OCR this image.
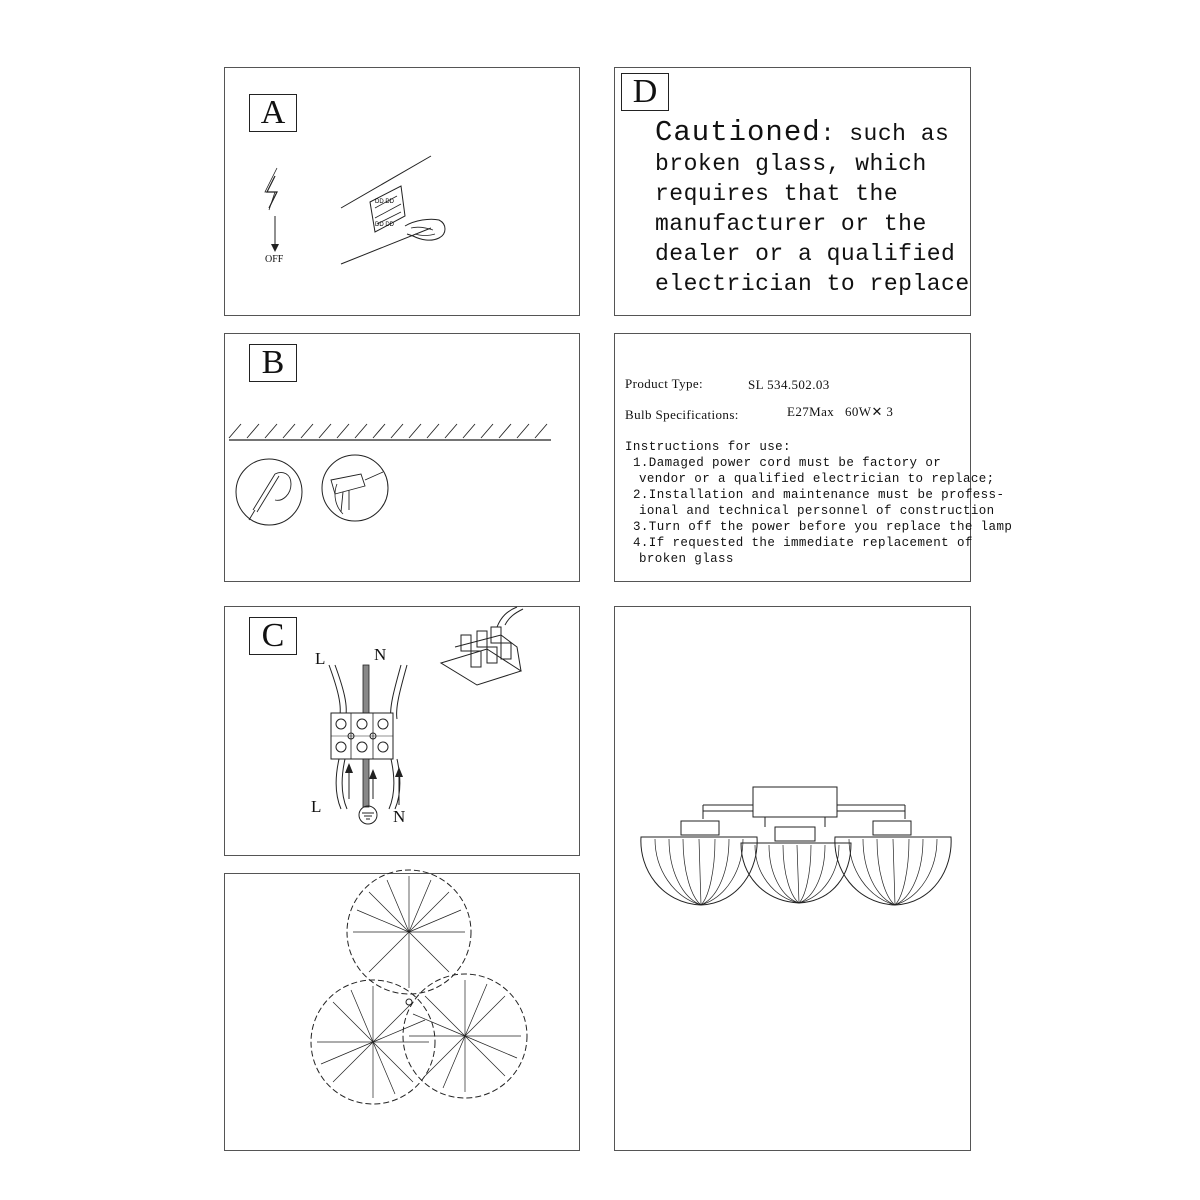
A
DD DD
DD DD
OFF
D
Cautioned: such as
broken glass, which
requires that the
manufacturer or the
dealer or a qualified
electrician to replace
B
Product Type:	SL 534.502.03
Bulb Specifications:	E27Max 60W✕ 3
Instructions for use:
1.Damaged power cord must be factory or
vendor or a qualified electrician to replace;
2.Installation and maintenance must be profess-
ional and technical personnel of construction
3.Turn off the power before you replace the lamp
4.If requested the immediate replacement of
broken glass
C
L	N
L
N
